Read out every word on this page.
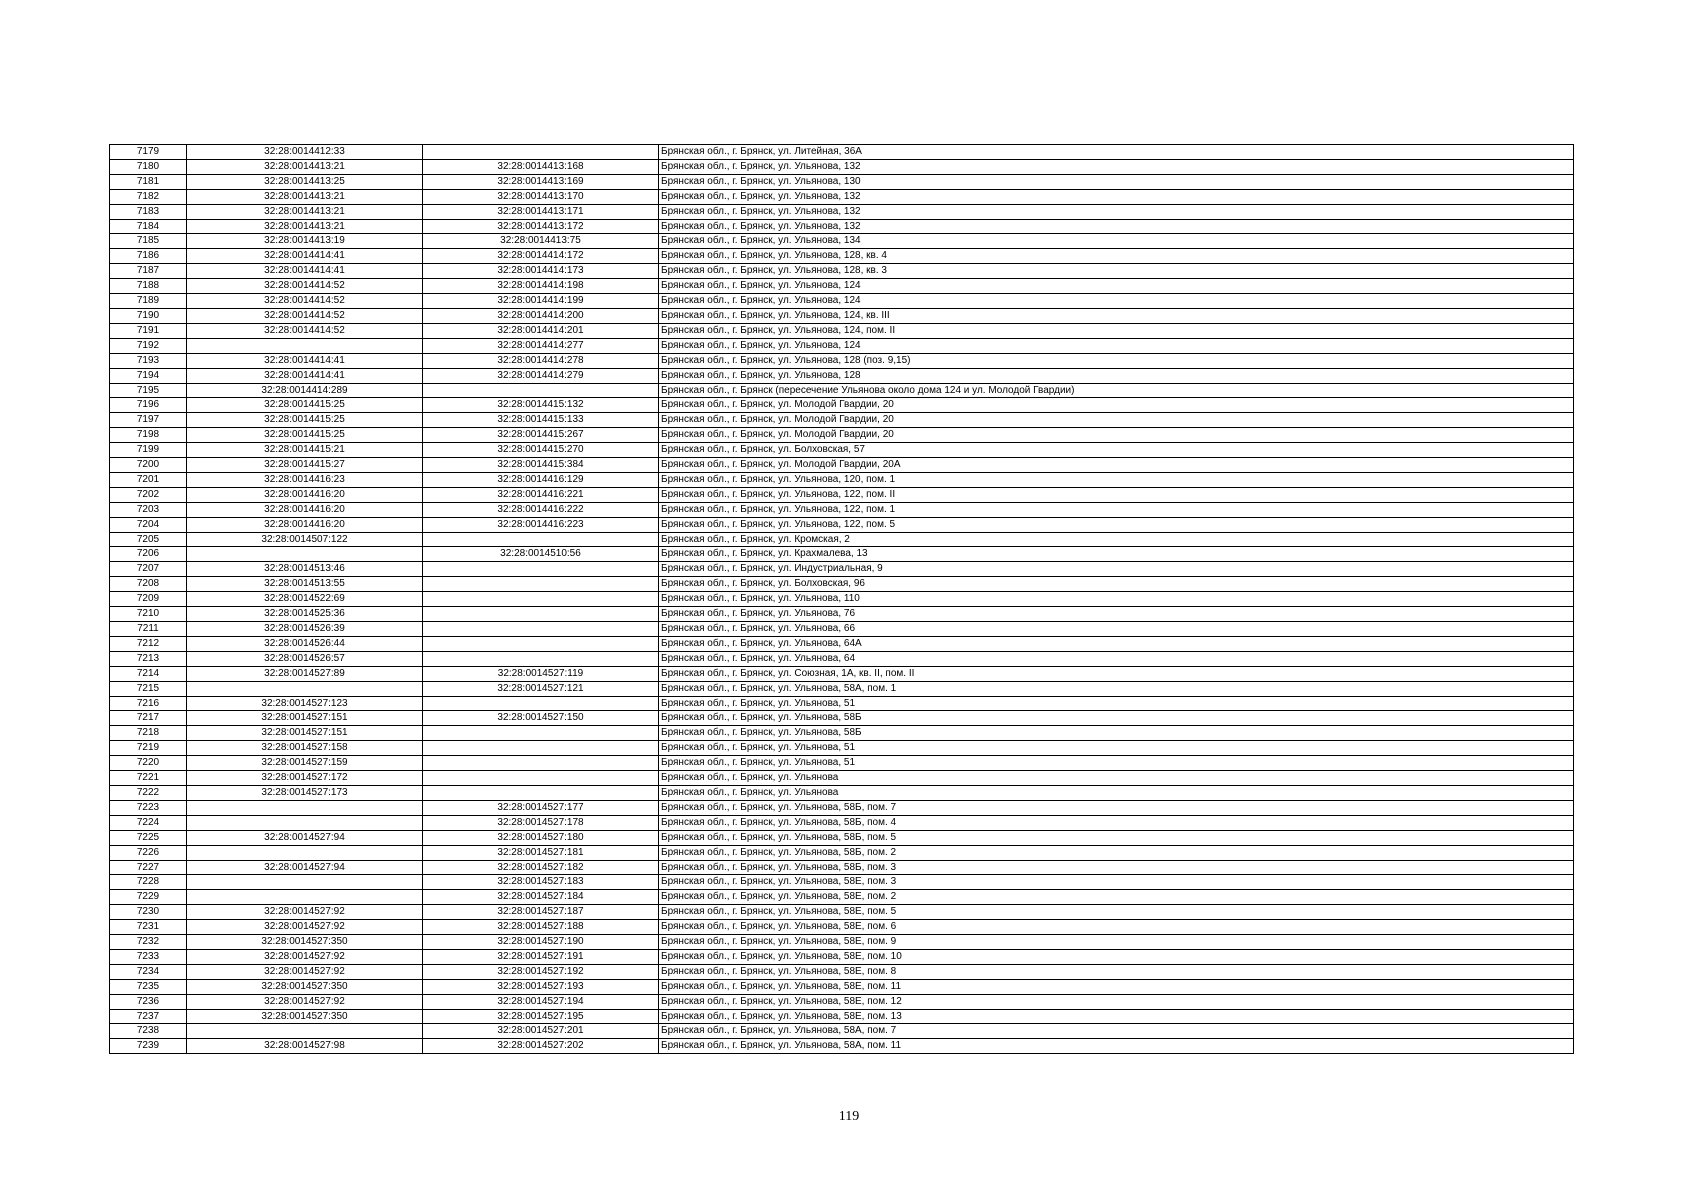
7179	32:28:0014412:33		Брянская обл., г. Брянск, ул. Литейная, 36А
7180	32:28:0014413:21	32:28:0014413:168	Брянская обл., г. Брянск, ул. Ульянова, 132
7181	32:28:0014413:25	32:28:0014413:169	Брянская обл., г. Брянск, ул. Ульянова, 130
7182	32:28:0014413:21	32:28:0014413:170	Брянская обл., г. Брянск, ул. Ульянова, 132
7183	32:28:0014413:21	32:28:0014413:171	Брянская обл., г. Брянск, ул. Ульянова, 132
7184	32:28:0014413:21	32:28:0014413:172	Брянская обл., г. Брянск, ул. Ульянова, 132
7185	32:28:0014413:19	32:28:0014413:75	Брянская обл., г. Брянск, ул. Ульянова, 134
7186	32:28:0014414:41	32:28:0014414:172	Брянская обл., г. Брянск, ул. Ульянова, 128, кв. 4
7187	32:28:0014414:41	32:28:0014414:173	Брянская обл., г. Брянск, ул. Ульянова, 128, кв. 3
7188	32:28:0014414:52	32:28:0014414:198	Брянская обл., г. Брянск, ул. Ульянова, 124
7189	32:28:0014414:52	32:28:0014414:199	Брянская обл., г. Брянск, ул. Ульянова, 124
7190	32:28:0014414:52	32:28:0014414:200	Брянская обл., г. Брянск, ул. Ульянова, 124, кв. III
7191	32:28:0014414:52	32:28:0014414:201	Брянская обл., г. Брянск, ул. Ульянова, 124, пом. II
7192		32:28:0014414:277	Брянская обл., г. Брянск, ул. Ульянова, 124
7193	32:28:0014414:41	32:28:0014414:278	Брянская обл., г. Брянск, ул. Ульянова, 128 (поз. 9,15)
7194	32:28:0014414:41	32:28:0014414:279	Брянская обл., г. Брянск, ул. Ульянова, 128
7195	32:28:0014414:289		Брянская обл., г. Брянск (пересечение Ульянова около дома 124 и ул. Молодой Гвардии)
7196	32:28:0014415:25	32:28:0014415:132	Брянская обл., г. Брянск, ул. Молодой Гвардии, 20
7197	32:28:0014415:25	32:28:0014415:133	Брянская обл., г. Брянск, ул. Молодой Гвардии, 20
7198	32:28:0014415:25	32:28:0014415:267	Брянская обл., г. Брянск, ул. Молодой Гвардии, 20
7199	32:28:0014415:21	32:28:0014415:270	Брянская обл., г. Брянск, ул. Болховская, 57
7200	32:28:0014415:27	32:28:0014415:384	Брянская обл., г. Брянск, ул. Молодой Гвардии, 20А
7201	32:28:0014416:23	32:28:0014416:129	Брянская обл., г. Брянск, ул. Ульянова, 120, пом. 1
7202	32:28:0014416:20	32:28:0014416:221	Брянская обл., г. Брянск, ул. Ульянова, 122, пом. II
7203	32:28:0014416:20	32:28:0014416:222	Брянская обл., г. Брянск, ул. Ульянова, 122, пом. 1
7204	32:28:0014416:20	32:28:0014416:223	Брянская обл., г. Брянск, ул. Ульянова, 122, пом. 5
7205	32:28:0014507:122		Брянская обл., г. Брянск, ул. Кромская, 2
7206		32:28:0014510:56	Брянская обл., г. Брянск, ул. Крахмалева, 13
7207	32:28:0014513:46		Брянская обл., г. Брянск, ул. Индустриальная, 9
7208	32:28:0014513:55		Брянская обл., г. Брянск, ул. Болховская, 96
7209	32:28:0014522:69		Брянская обл., г. Брянск, ул. Ульянова, 110
7210	32:28:0014525:36		Брянская обл., г. Брянск, ул. Ульянова, 76
7211	32:28:0014526:39		Брянская обл., г. Брянск, ул. Ульянова, 66
7212	32:28:0014526:44		Брянская обл., г. Брянск, ул. Ульянова, 64А
7213	32:28:0014526:57		Брянская обл., г. Брянск, ул. Ульянова, 64
7214	32:28:0014527:89	32:28:0014527:119	Брянская обл., г. Брянск, ул. Союзная, 1А, кв. II, пом. II
7215		32:28:0014527:121	Брянская обл., г. Брянск, ул. Ульянова, 58А, пом. 1
7216	32:28:0014527:123		Брянская обл., г. Брянск, ул. Ульянова, 51
7217	32:28:0014527:151	32:28:0014527:150	Брянская обл., г. Брянск, ул. Ульянова, 58Б
7218	32:28:0014527:151		Брянская обл., г. Брянск, ул. Ульянова, 58Б
7219	32:28:0014527:158		Брянская обл., г. Брянск, ул. Ульянова, 51
7220	32:28:0014527:159		Брянская обл., г. Брянск, ул. Ульянова, 51
7221	32:28:0014527:172		Брянская обл., г. Брянск, ул. Ульянова
7222	32:28:0014527:173		Брянская обл., г. Брянск, ул. Ульянова
7223		32:28:0014527:177	Брянская обл., г. Брянск, ул. Ульянова, 58Б, пом. 7
7224		32:28:0014527:178	Брянская обл., г. Брянск, ул. Ульянова, 58Б, пом. 4
7225	32:28:0014527:94	32:28:0014527:180	Брянская обл., г. Брянск, ул. Ульянова, 58Б, пом. 5
7226		32:28:0014527:181	Брянская обл., г. Брянск, ул. Ульянова, 58Б, пом. 2
7227	32:28:0014527:94	32:28:0014527:182	Брянская обл., г. Брянск, ул. Ульянова, 58Б, пом. 3
7228		32:28:0014527:183	Брянская обл., г. Брянск, ул. Ульянова, 58Е, пом. 3
7229		32:28:0014527:184	Брянская обл., г. Брянск, ул. Ульянова, 58Е, пом. 2
7230	32:28:0014527:92	32:28:0014527:187	Брянская обл., г. Брянск, ул. Ульянова, 58Е, пом. 5
7231	32:28:0014527:92	32:28:0014527:188	Брянская обл., г. Брянск, ул. Ульянова, 58Е, пом. 6
7232	32:28:0014527:350	32:28:0014527:190	Брянская обл., г. Брянск, ул. Ульянова, 58Е, пом. 9
7233	32:28:0014527:92	32:28:0014527:191	Брянская обл., г. Брянск, ул. Ульянова, 58Е, пом. 10
7234	32:28:0014527:92	32:28:0014527:192	Брянская обл., г. Брянск, ул. Ульянова, 58Е, пом. 8
7235	32:28:0014527:350	32:28:0014527:193	Брянская обл., г. Брянск, ул. Ульянова, 58Е, пом. 11
7236	32:28:0014527:92	32:28:0014527:194	Брянская обл., г. Брянск, ул. Ульянова, 58Е, пом. 12
7237	32:28:0014527:350	32:28:0014527:195	Брянская обл., г. Брянск, ул. Ульянова, 58Е, пом. 13
7238		32:28:0014527:201	Брянская обл., г. Брянск, ул. Ульянова, 58А, пом. 7
7239	32:28:0014527:98	32:28:0014527:202	Брянская обл., г. Брянск, ул. Ульянова, 58А, пом. 11
119
